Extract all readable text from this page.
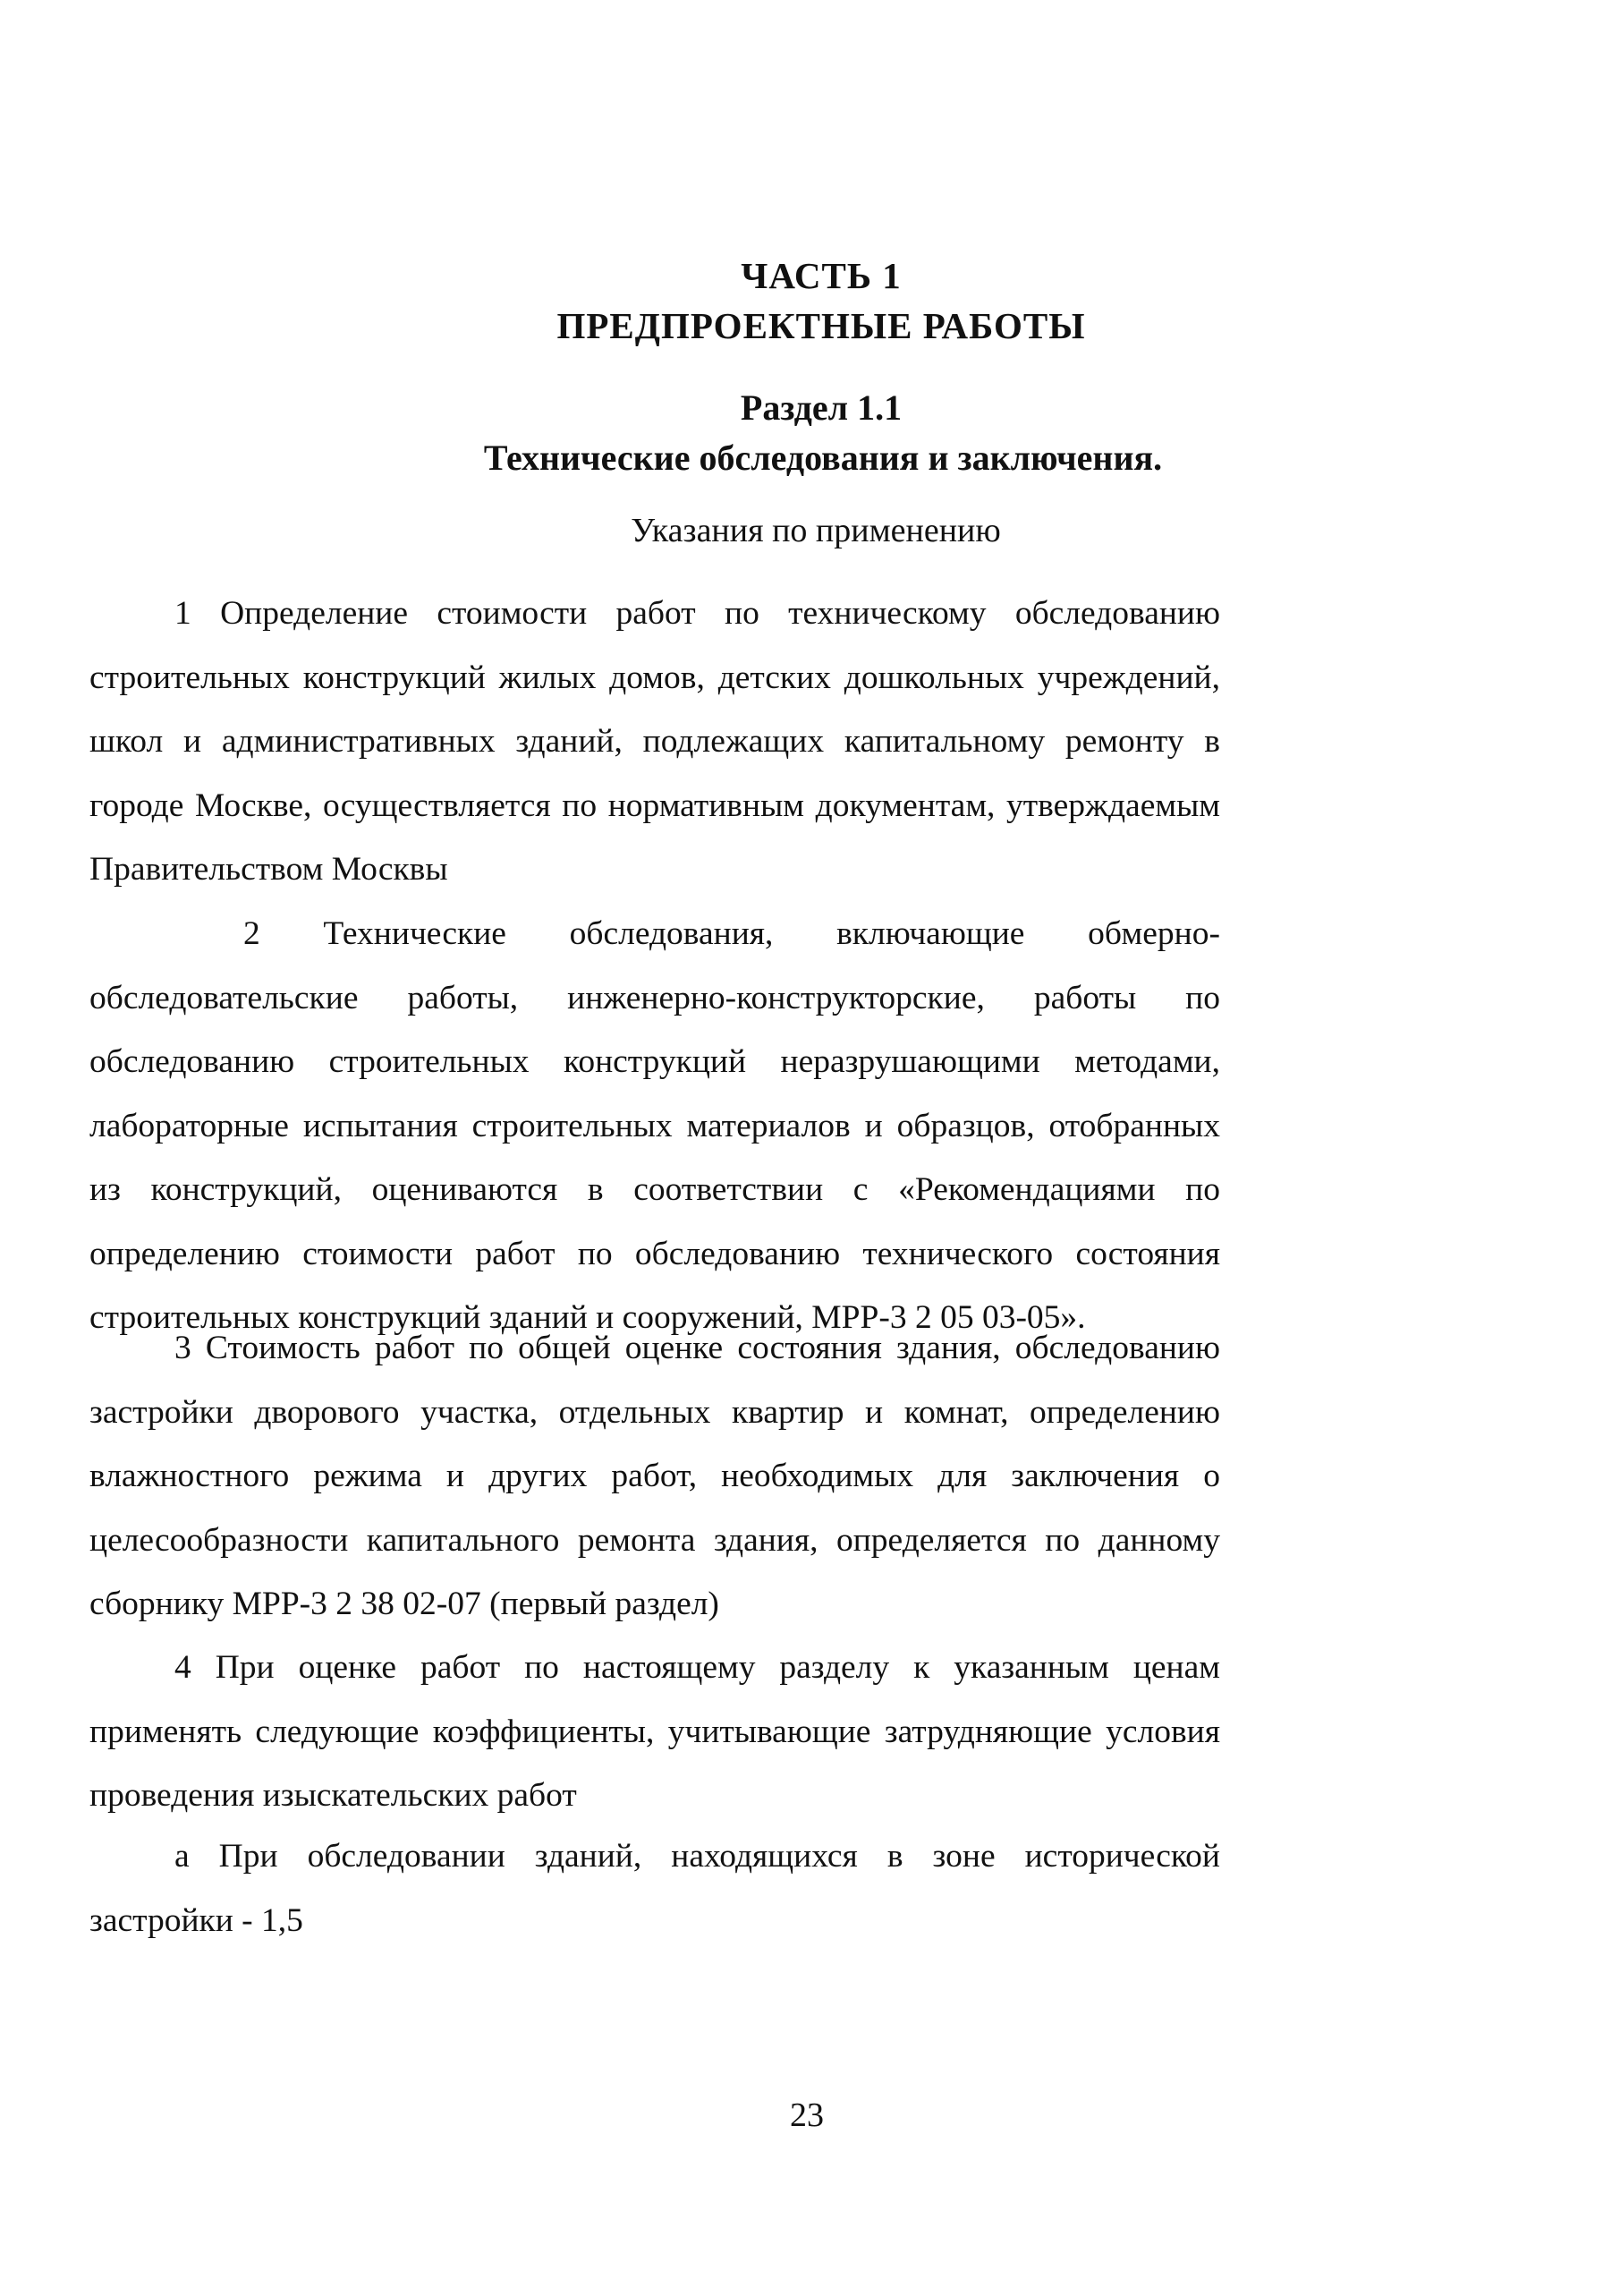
ЧАСТЬ 1
ПРЕДПРОЕКТНЫЕ РАБОТЫ
Раздел 1.1
Технические обследования и заключения.
Указания по применению
1 Определение стоимости работ по техническому обследованию строительных конструкций жилых домов, детских дошкольных учреждений, школ и административных зданий, подлежащих капитальному ремонту в городе Москве, осуществляется по нормативным документам, утверждаемым Правительством Москвы
2 Технические обследования, включающие обмерно-обследовательские работы, инженерно-конструкторские, работы по обследованию строительных конструкций неразрушающими методами, лабораторные испытания строительных материалов и образцов, отобранных из конструкций, оцениваются в соответствии с «Рекомендациями по определению стоимости работ по обследованию технического состояния строительных конструкций зданий и сооружений, МРР-3 2 05 03-05».
3 Стоимость работ по общей оценке состояния здания, обследованию застройки дворового участка, отдельных квартир и комнат, определению влажностного режима и других работ, необходимых для заключения о целесообразности капитального ремонта здания, определяется по данному сборнику МРР-3 2 38 02-07 (первый раздел)
4 При оценке работ по настоящему разделу к указанным ценам применять следующие коэффициенты, учитывающие затрудняющие условия проведения изыскательских работ
а При обследовании зданий, находящихся в зоне исторической застройки - 1,5
23
